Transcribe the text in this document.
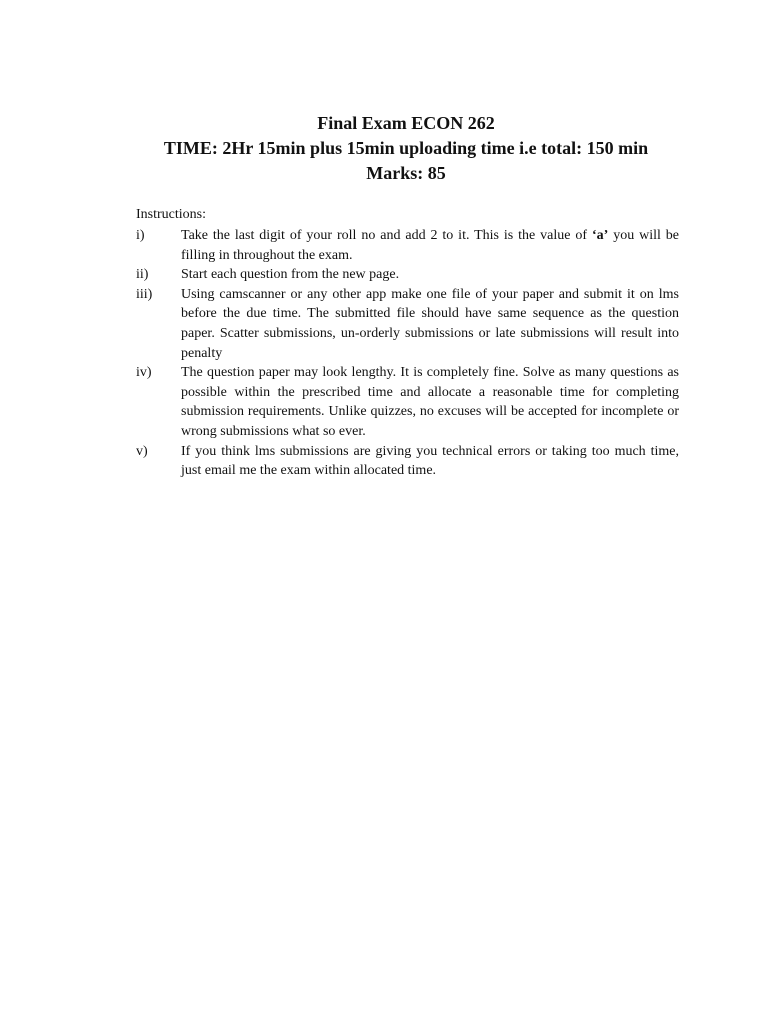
Final Exam ECON 262
TIME: 2Hr 15min plus 15min uploading time i.e total: 150 min
Marks: 85
Instructions:
i)	Take the last digit of your roll no and add 2 to it. This is the value of ‘a’ you will be filling in throughout the exam.
ii) Start each question from the new page.
iii) Using camscanner or any other app make one file of your paper and submit it on lms before the due time. The submitted file should have same sequence as the question paper. Scatter submissions, un-orderly submissions or late submissions will result into penalty
iv) The question paper may look lengthy. It is completely fine. Solve as many questions as possible within the prescribed time and allocate a reasonable time for completing submission requirements. Unlike quizzes, no excuses will be accepted for incomplete or wrong submissions what so ever.
v) If you think lms submissions are giving you technical errors or taking too much time, just email me the exam within allocated time.
